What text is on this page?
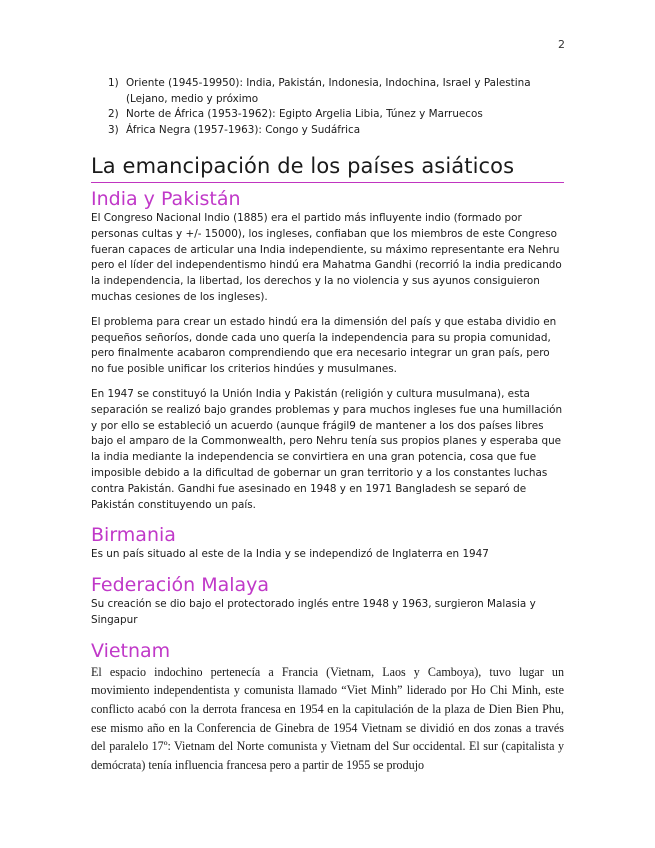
2
1) Oriente (1945-19950): India, Pakistán, Indonesia, Indochina, Israel y Palestina (Lejano, medio y próximo
2) Norte de África (1953-1962): Egipto Argelia Libia, Túnez y Marruecos
3) África Negra (1957-1963): Congo y Sudáfrica
La emancipación de los países asiáticos
India y Pakistán

El Congreso Nacional Indio (1885) era el partido más influyente indio (formado por personas cultas y +/- 15000), los ingleses, confiaban que los miembros de este Congreso fueran capaces de articular una India independiente, su máximo representante era Nehru pero el líder del independentismo hindú era Mahatma Gandhi (recorrió la india predicando la independencia, la libertad, los derechos y la no violencia y sus ayunos consiguieron muchas cesiones de los ingleses).

El problema para crear un estado hindú era la dimensión del país y que estaba dividio en pequeños señoríos, donde cada uno quería la independencia para su propia comunidad, pero finalmente acabaron comprendiendo que era necesario integrar un gran país, pero no fue posible unificar los criterios hindúes y musulmanes.

En 1947 se constituyó la Unión India y Pakistán (religión y cultura musulmana), esta separación se realizó bajo grandes problemas y para muchos ingleses fue una humillación y por ello se estableció un acuerdo (aunque frágil9 de mantener a los dos países libres bajo el amparo de la Commonwealth, pero Nehru tenía sus propios planes y esperaba que la india mediante la independencia se convirtiera en una gran potencia, cosa que fue imposible debido a la dificultad de gobernar un gran territorio y a los constantes luchas contra Pakistán. Gandhi fue asesinado en 1948 y en 1971 Bangladesh se separó de Pakistán constituyendo un país.

Birmania

Es un país situado al este de la India y se independizó de Inglaterra en 1947

Federación Malaya

Su creación se dio bajo el protectorado inglés entre 1948 y 1963, surgieron Malasia y Singapur

Vietnam

El espacio indochino pertenecía a Francia (Vietnam, Laos y Camboya), tuvo lugar un movimiento independentista y comunista llamado “Viet Minh” liderado por Ho Chi Minh, este conflicto acabó con la derrota francesa en 1954 en la capitulación de la plaza de Dien Bien Phu, ese mismo año en la Conferencia de Ginebra de 1954 Vietnam se dividió en dos zonas a través del paralelo 17º: Vietnam del Norte comunista y Vietnam del Sur occidental. El sur (capitalista y demócrata) tenía influencia francesa pero a partir de 1955 se produjo
